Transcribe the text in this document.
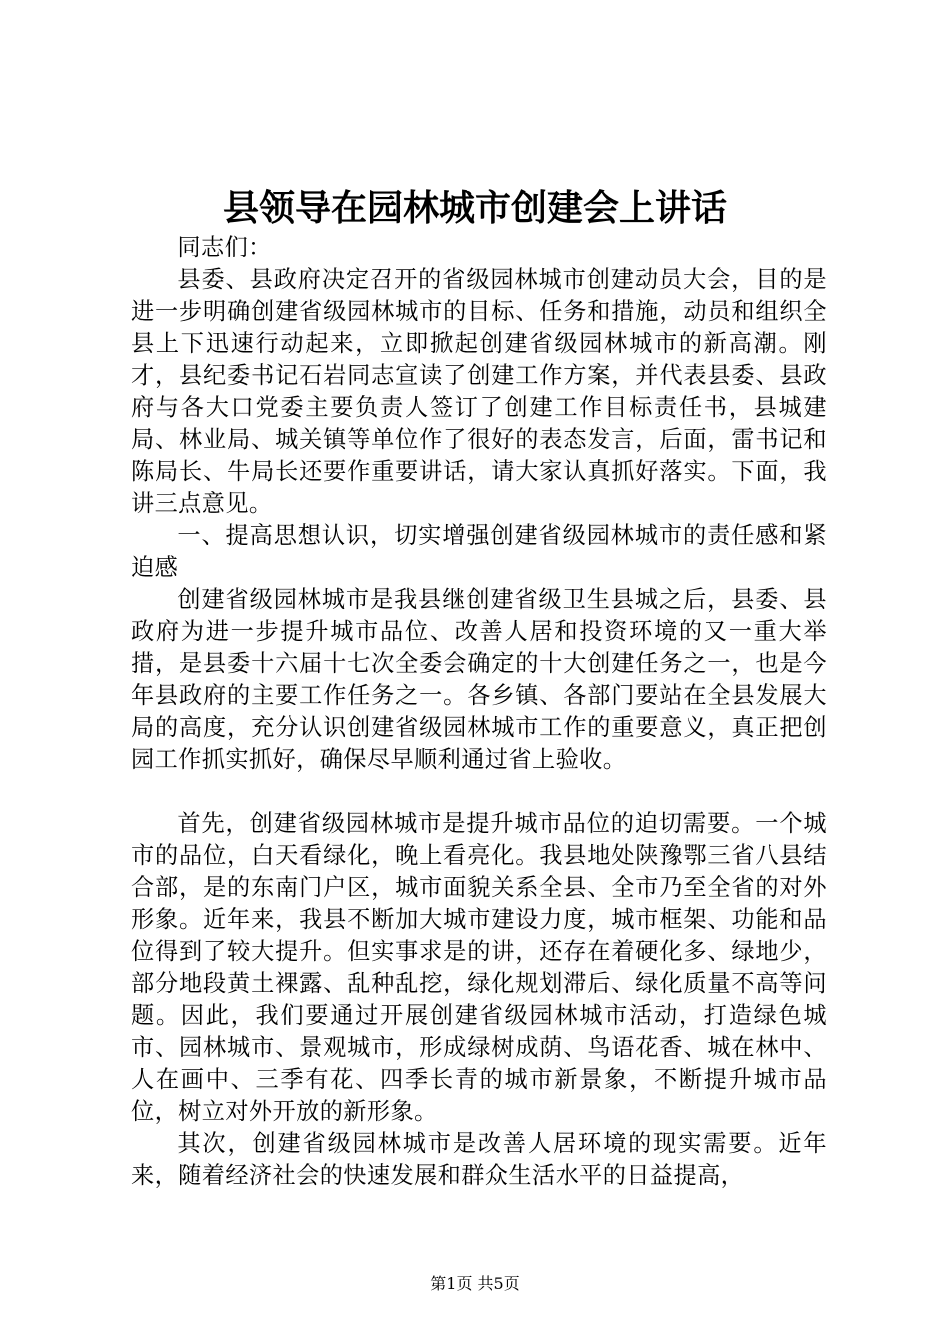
县领导在园林城市创建会上讲话

同志们：

县委、县政府决定召开的省级园林城市创建动员大会，目的是进一步明确创建省级园林城市的目标、任务和措施，动员和组织全县上下迅速行动起来，立即掀起创建省级园林城市的新高潮。刚才，县纪委书记石岩同志宣读了创建工作方案，并代表县委、县政府与各大口党委主要负责人签订了创建工作目标责任书，县城建局、林业局、城关镇等单位作了很好的表态发言，后面，雷书记和陈局长、牛局长还要作重要讲话，请大家认真抓好落实。下面，我讲三点意见。

一、提高思想认识，切实增强创建省级园林城市的责任感和紧迫感

创建省级园林城市是我县继创建省级卫生县城之后，县委、县政府为进一步提升城市品位、改善人居和投资环境的又一重大举措，是县委十六届十七次全委会确定的十大创建任务之一，也是今年县政府的主要工作任务之一。各乡镇、各部门要站在全县发展大局的高度，充分认识创建省级园林城市工作的重要意义，真正把创园工作抓实抓好，确保尽早顺利通过省上验收。

首先，创建省级园林城市是提升城市品位的迫切需要。一个城市的品位，白天看绿化，晚上看亮化。我县地处陕豫鄂三省八县结合部，是的东南门户区，城市面貌关系全县、全市乃至全省的对外形象。近年来，我县不断加大城市建设力度，城市框架、功能和品位得到了较大提升。但实事求是的讲，还存在着硬化多、绿地少，部分地段黄土裸露、乱种乱挖，绿化规划滞后、绿化质量不高等问题。因此，我们要通过开展创建省级园林城市活动，打造绿色城市、园林城市、景观城市，形成绿树成荫、鸟语花香、城在林中、人在画中、三季有花、四季长青的城市新景象，不断提升城市品位，树立对外开放的新形象。

其次，创建省级园林城市是改善人居环境的现实需要。近年来，随着经济社会的快速发展和群众生活水平的日益提高，

第1页 共5页
